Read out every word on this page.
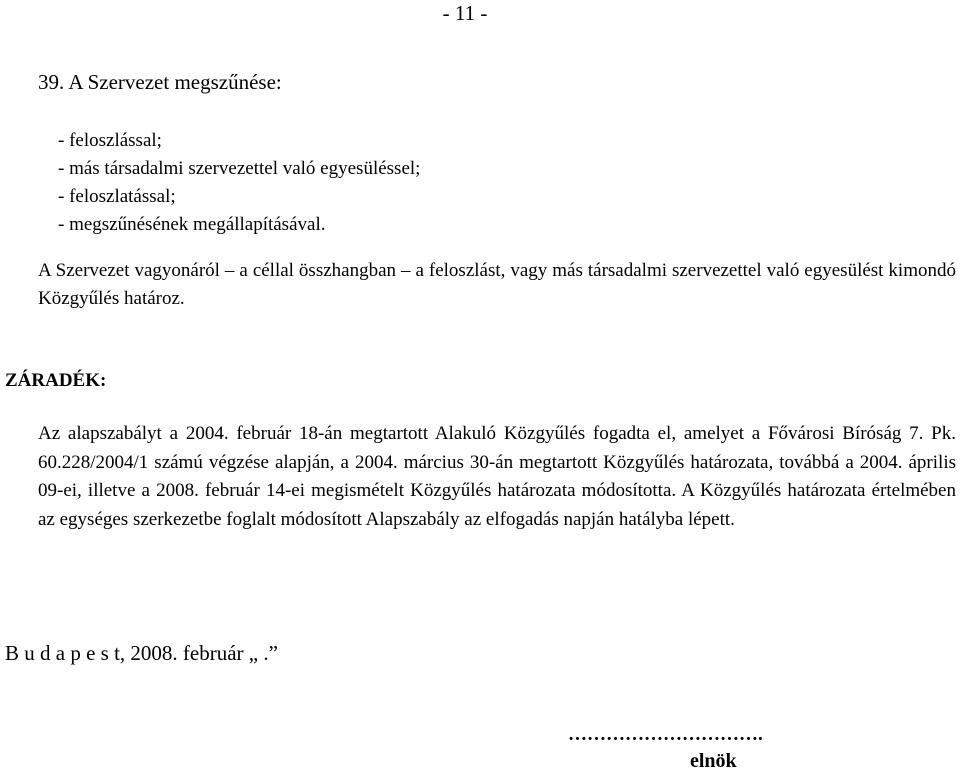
- 11 -
39. A Szervezet megszűnése:
- feloszlással;
- más társadalmi szervezettel való egyesüléssel;
- feloszlatással;
- megszűnésének megállapításával.
A Szervezet vagyonáról – a céllal összhangban – a feloszlást, vagy más társadalmi szervezettel való egyesülést kimondó Közgyűlés határoz.
ZÁRADÉK:
Az alapszabályt a 2004. február 18-án megtartott Alakuló Közgyűlés fogadta el, amelyet a Fővárosi Bíróság 7. Pk. 60.228/2004/1 számú végzése alapján, a 2004. március 30-án megtartott Közgyűlés határozata, továbbá a 2004. április 09-ei, illetve a 2008. február 14-ei megismételt Közgyűlés határozata módosította. A Közgyűlés határozata értelmében az egységes szerkezetbe foglalt módosított Alapszabály az elfogadás napján hatályba lépett.
B u d a p e s t, 2008. február „ .”
………………………….
elnök
